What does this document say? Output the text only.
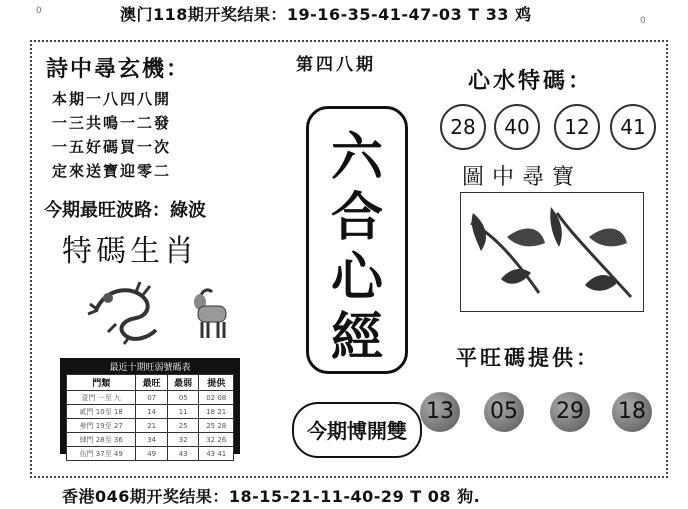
0	澳门118期开奖结果：19-16-35-41-47-03 T 33 鸡	0
詩中尋玄機：
本期一八四八開
一三共鳴一二發
一五好碼買一次
定來送寶迎零二
今期最旺波路：綠波
特碼生肖
最近十期旺弱號碼表
門類	最旺	最弱	提供
壹門 一至 九	07	05	02 08
貳門 10至 18	14	11	18 21
參門 19至 27	21	25	25 28
肆門 28至 36	34	32	32 26
伍門 37至 49	49	43	43 41
第四八期
六
合
心
經
今期博開雙
心水特碼：
28	40	12	41
圖中尋寶
平旺碼提供：
13 05 29 18
香港046期开奖结果：18-15-21-11-40-29 T 08 狗.
